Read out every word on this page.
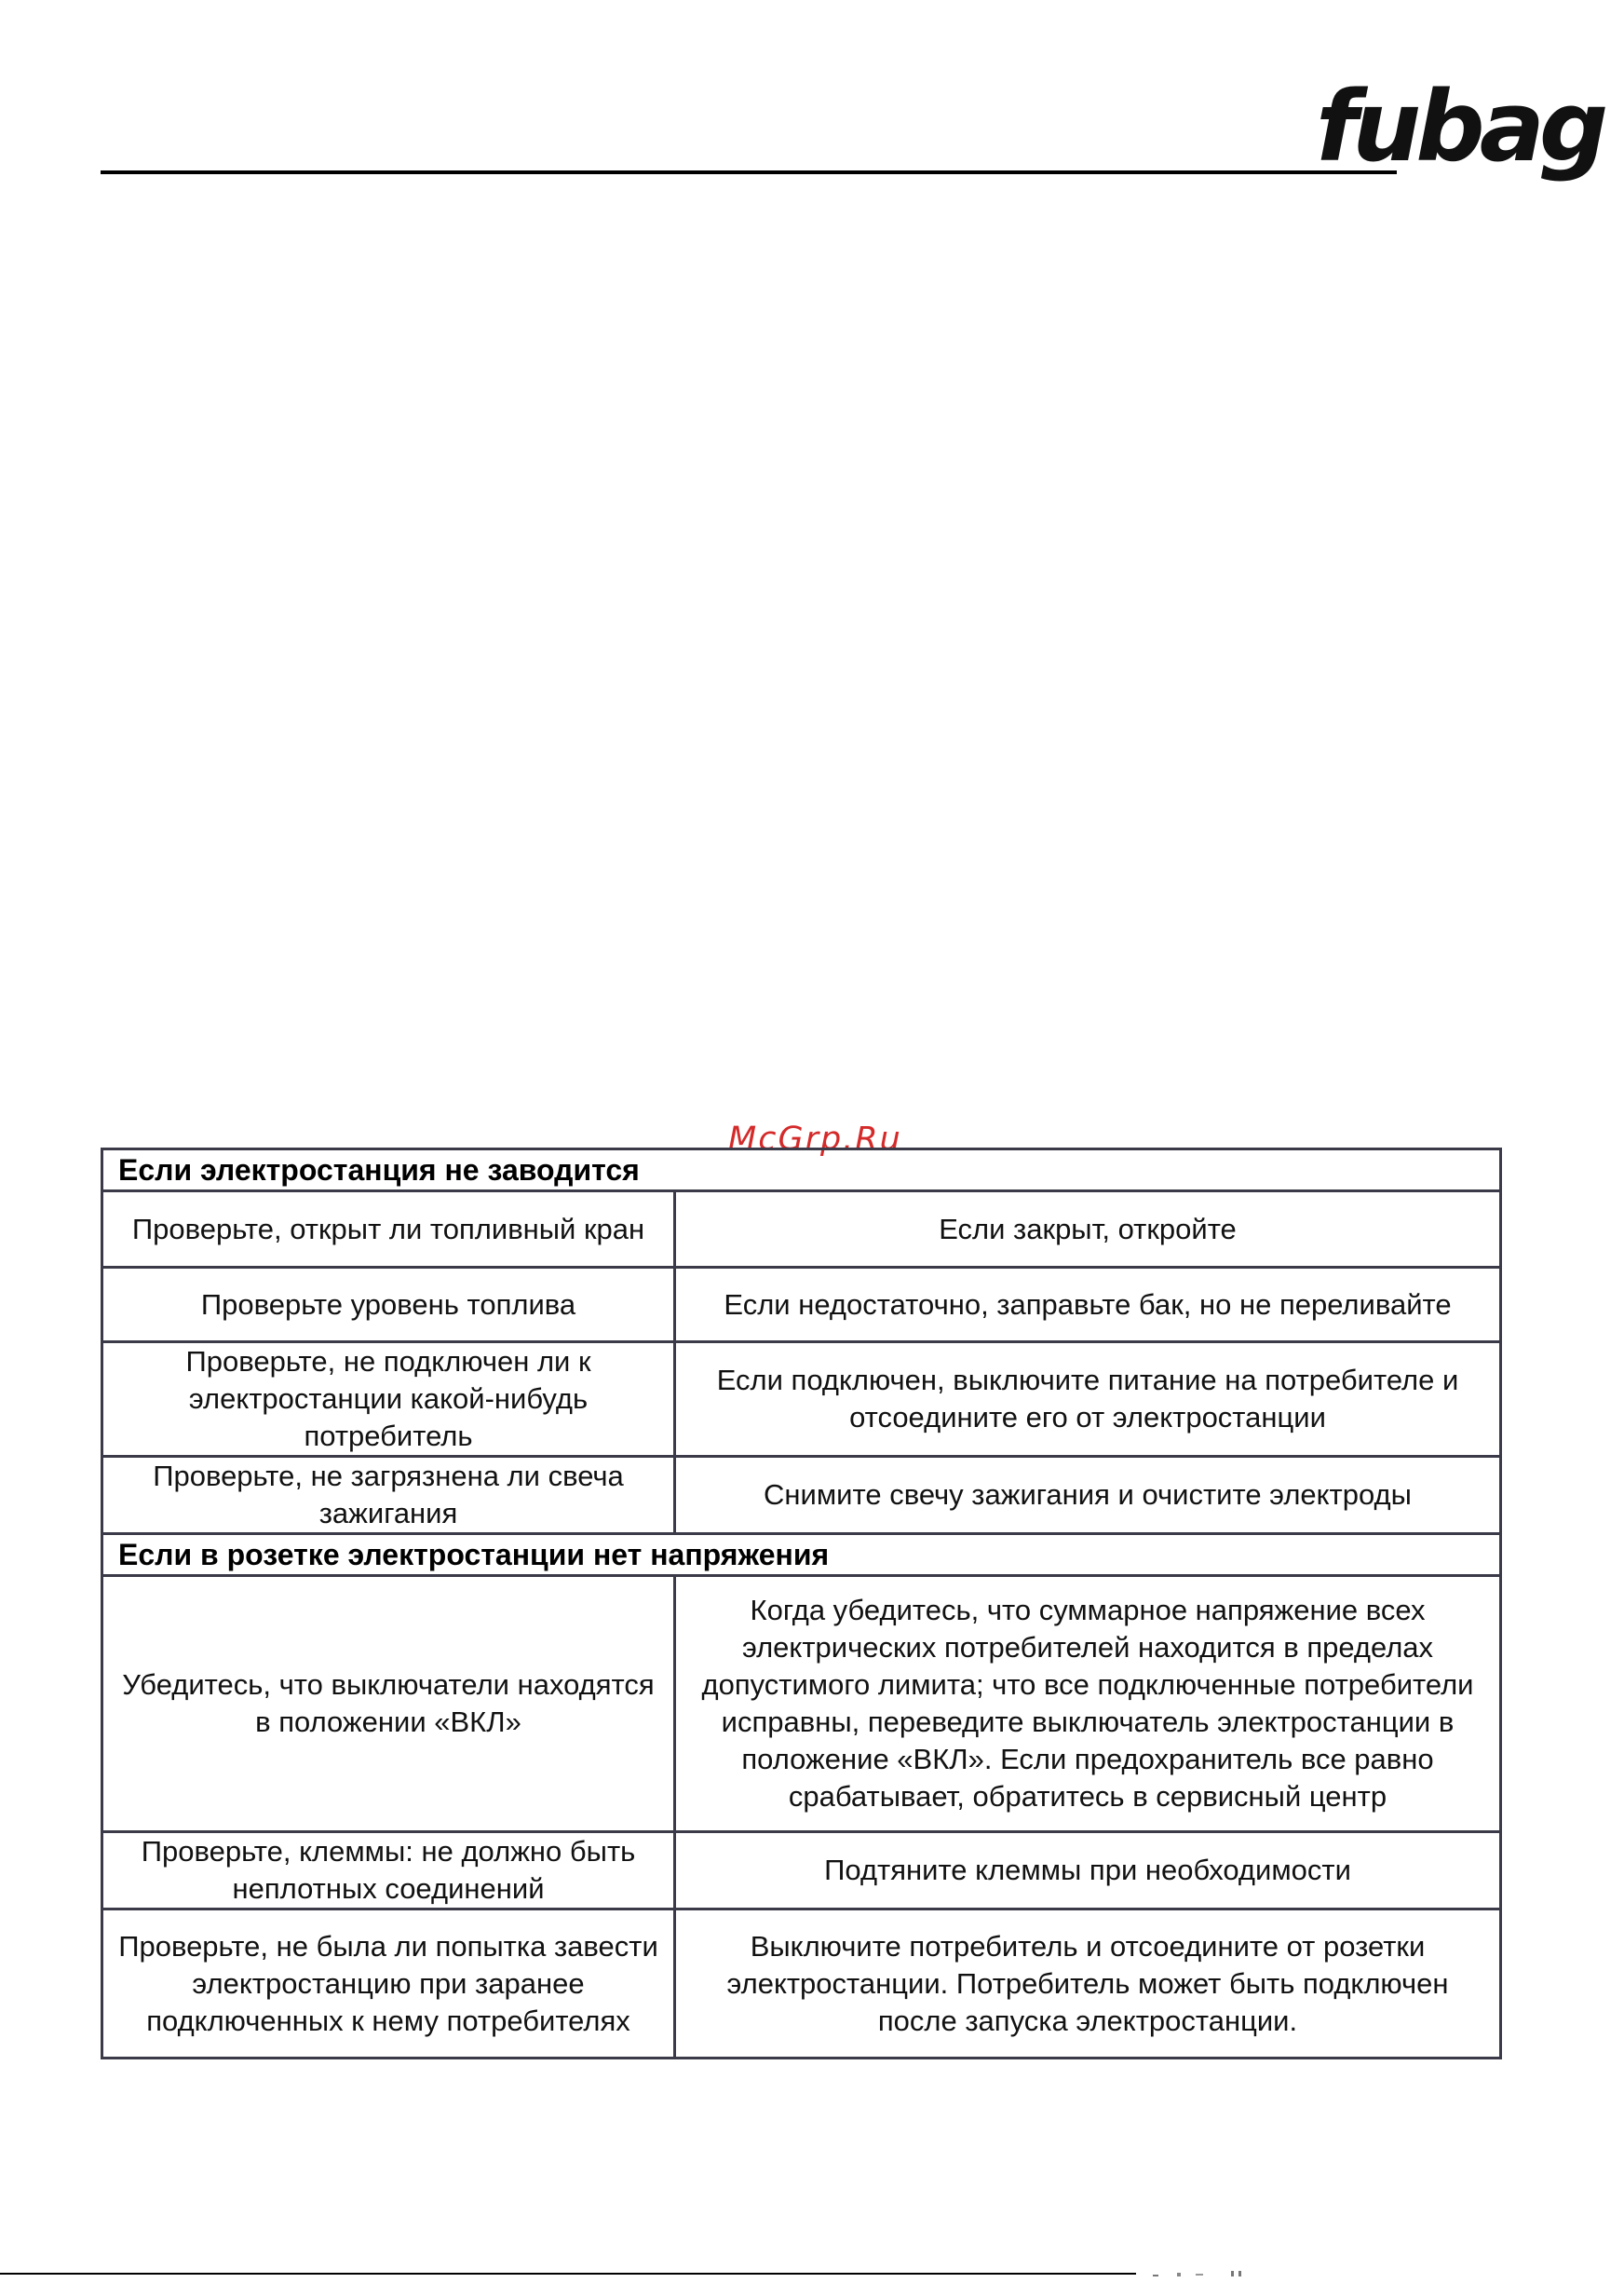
fubag
McGrp.Ru
Если электростанция не заводится	
Проверьте, открыт ли топливный кран	Если закрыт, откройте
Проверьте уровень топлива	Если недостаточно, заправьте бак, но не переливайте
Проверьте, не подключен ли к электростанции какой-нибудь потребитель	Если подключен, выключите питание на потребителе и отсоедините его от электростанции
Проверьте, не загрязнена ли свеча зажигания	Снимите свечу зажигания и очистите электроды
Если в розетке электростанции нет напряжения	
Убедитесь, что выключатели находятся в положении «ВКЛ»	Когда убедитесь, что суммарное напряжение всех электрических потребителей находится в пределах допустимого лимита; что все подключенные потребители исправны, переведите выключатель электростанции в положение «ВКЛ». Если предохранитель все равно срабатывает, обратитесь в сервисный центр
Проверьте, клеммы: не должно быть неплотных соединений	Подтяните клеммы при необходимости
Проверьте, не была ли попытка завести электростанцию при заранее подключенных к нему потребителях	Выключите потребитель и отсоедините от розетки электростанции. Потребитель может быть подключен после запуска электростанции.
